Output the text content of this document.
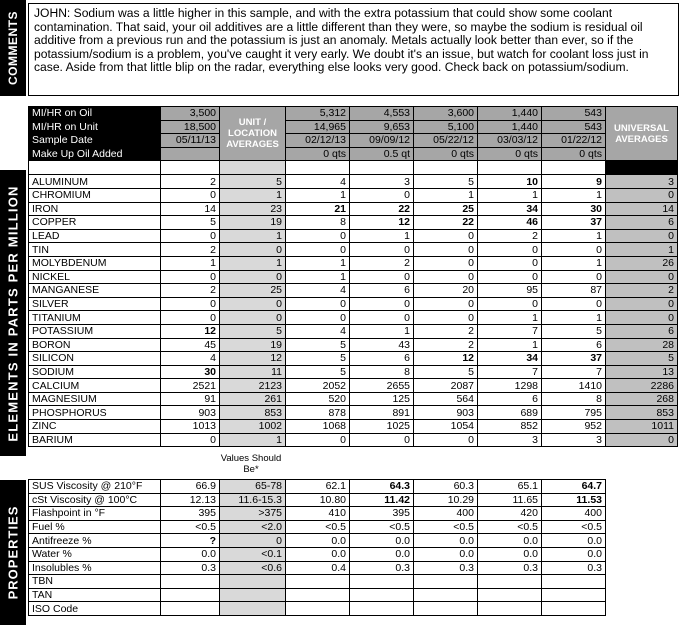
COMMENTS	JOHN: Sodium was a little higher in this sample, and with the extra potassium that could show some coolant contamination. That said, your oil additives are a little different than they were, so maybe the sodium is residual oil additive from a previous run and the potassium is just an anomaly. Metals actually look better than ever, so if the potassium/sodium is a problem, you've caught it very early. We doubt it's an issue, but watch for coolant loss just in case. Aside from that little blip on the radar, everything else looks very good. Check back on potassium/sodium.
ELEMENTS IN PARTS PER MILLION
MI/HR on Oil	3,500	UNIT / LOCATION AVERAGES	5,312	4,553	3,600	1,440	543	UNIVERSAL AVERAGES
MI/HR on Unit	18,500		14,965	9,653	5,100	1,440	543	
Sample Date	05/11/13		02/12/13	09/09/12	05/22/12	03/03/12	01/22/12	
Make Up Oil Added			0 qts	0.5 qt	0 qts	0 qts	0 qts	

ALUMINUM	2	5	4	3	5	10	9	3
CHROMIUM	0	1	1	0	1	1	1	0
IRON	14	23	21	22	25	34	30	14
COPPER	5	19	8	12	22	46	37	6
LEAD	0	1	0	1	0	2	1	0
TIN	2	0	0	0	0	0	0	1
MOLYBDENUM	1	1	1	2	0	0	1	26
NICKEL	0	0	1	0	0	0	0	0
MANGANESE	2	25	4	6	20	95	87	2
SILVER	0	0	0	0	0	0	0	0
TITANIUM	0	0	0	0	0	1	1	0
POTASSIUM	12	5	4	1	2	7	5	6
BORON	45	19	5	43	2	1	6	28
SILICON	4	12	5	6	12	34	37	5
SODIUM	30	11	5	8	5	7	7	13
CALCIUM	2521	2123	2052	2655	2087	1298	1410	2286
MAGNESIUM	91	261	520	125	564	6	8	268
PHOSPHORUS	903	853	878	891	903	689	795	853
ZINC	1013	1002	1068	1025	1054	852	952	1011
BARIUM	0	1	0	0	0	3	3	0
Values Should Be*
PROPERTIES
SUS Viscosity @ 210°F	66.9	65-78	62.1	64.3	60.3	65.1	64.7
cSt Viscosity @ 100°C	12.13	11.6-15.3	10.80	11.42	10.29	11.65	11.53
Flashpoint in °F	395	>375	410	395	400	420	400
Fuel %	<0.5	<2.0	<0.5	<0.5	<0.5	<0.5	<0.5
Antifreeze %	?	0	0.0	0.0	0.0	0.0	0.0
Water %	0.0	<0.1	0.0	0.0	0.0	0.0	0.0
Insolubles %	0.3	<0.6	0.4	0.3	0.3	0.3	0.3
TBN							
TAN							
ISO Code							
